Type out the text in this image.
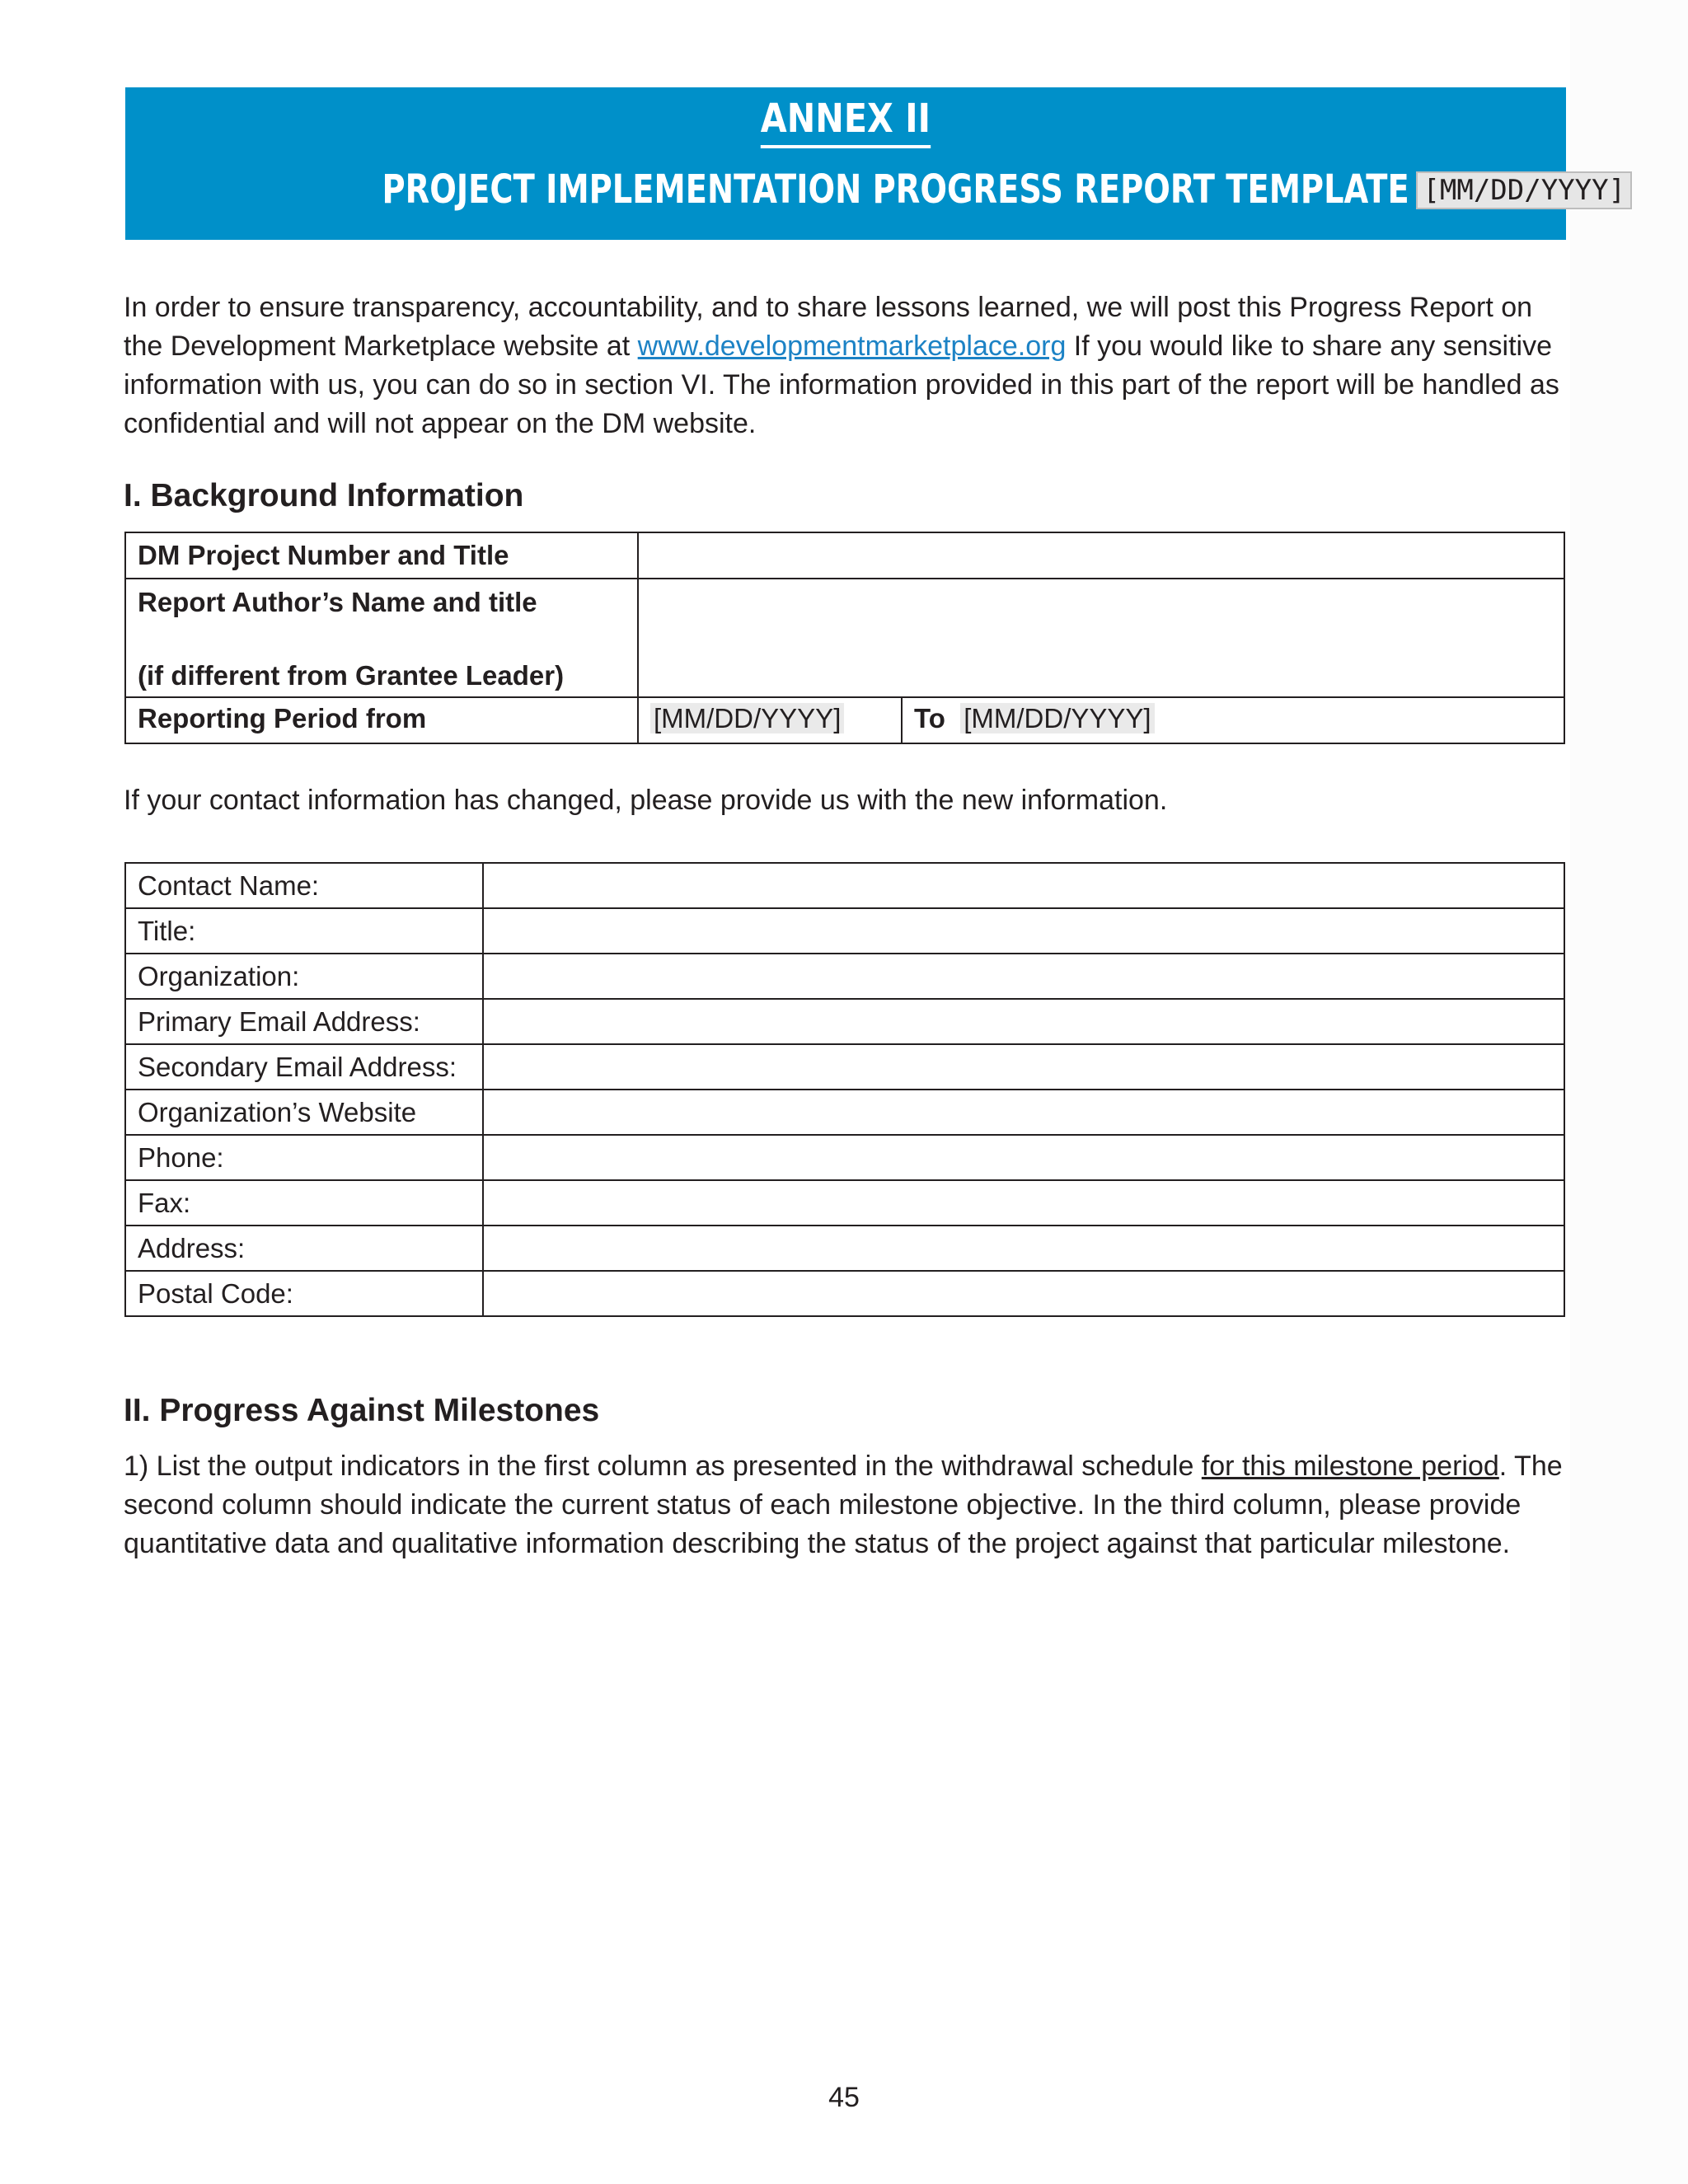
ANNEX II
PROJECT IMPLEMENTATION PROGRESS REPORT TEMPLATE [MM/DD/YYYY]
In order to ensure transparency, accountability, and to share lessons learned, we will post this Progress Report on the Development Marketplace website at www.developmentmarketplace.org If you would like to share any sensitive information with us, you can do so in section VI. The information provided in this part of the report will be handled as confidential and will not appear on the DM website.
I. Background Information
DM Project Number and Title		

Report Author’s Name and title
(if different from Grantee Leader)		

Reporting Period from	[MM/DD/YYYY]	To [MM/DD/YYYY]
If your contact information has changed, please provide us with the new information.
Contact Name:	
Title:	
Organization:	
Primary Email Address:	
Secondary Email Address:	
Organization’s Website	
Phone:	
Fax:	
Address:	
Postal Code:	
II. Progress Against Milestones
1) List the output indicators in the first column as presented in the withdrawal schedule for this milestone period. The second column should indicate the current status of each milestone objective. In the third column, please provide quantitative data and qualitative information describing the status of the project against that particular milestone.
45
